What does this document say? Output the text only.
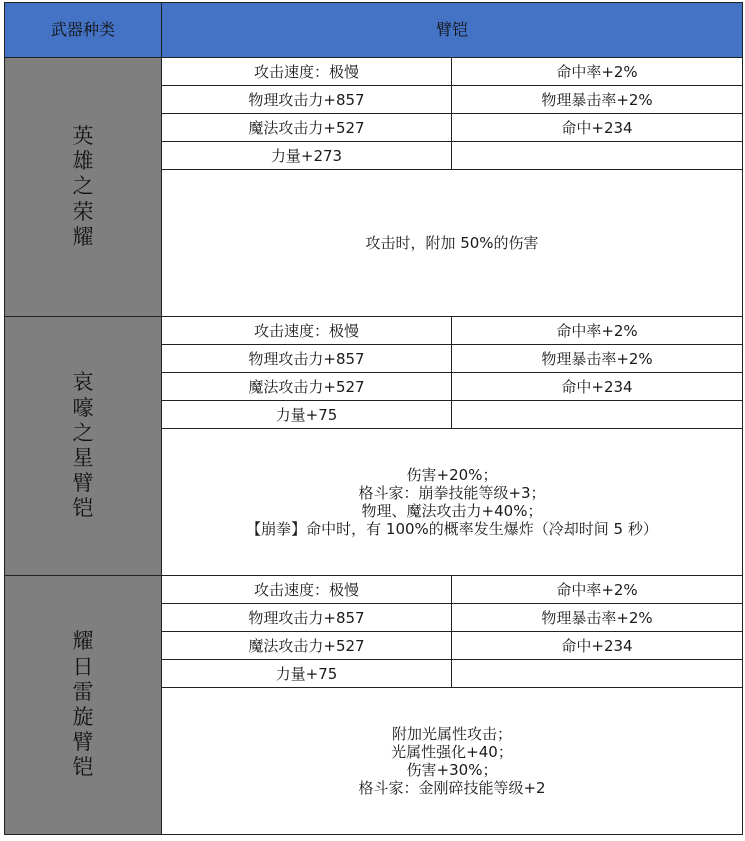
武器种类	臂铠	
英雄之荣耀	攻击速度：极慢	命中率+2%
	物理攻击力+857	物理暴击率+2%
	魔法攻击力+527	命中+234
	力量+273	

	攻击时，附加 50%的伤害	

哀嚎之星臂铠	攻击速度：极慢	命中率+2%
	物理攻击力+857	物理暴击率+2%
	魔法攻击力+527	命中+234
	力量+75	

	伤害+20%；
格斗家：崩拳技能等级+3；
物理、魔法攻击力+40%；
【崩拳】命中时，有 100%的概率发生爆炸（冷却时间 5 秒）	

耀日雷旋臂铠	攻击速度：极慢	命中率+2%
	物理攻击力+857	物理暴击率+2%
	魔法攻击力+527	命中+234
	力量+75	

	附加光属性攻击；
光属性强化+40；
伤害+30%；
格斗家：金刚碎技能等级+2	
